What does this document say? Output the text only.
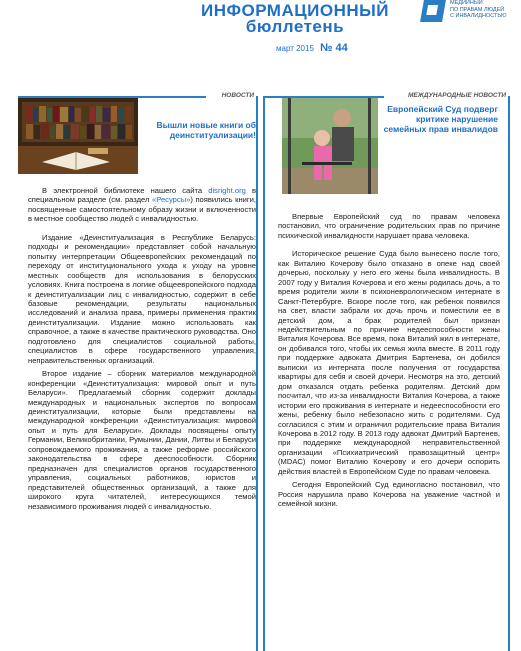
ИНФОРМАЦИОННЫЙ
бюллетень
март 2015 № 44
МЕДИЙНЫЙ
ПО ПРАВАМ ЛЮДЕЙ
С ИНВАЛИДНОСТЬЮ
НОВОСТИ	МЕЖДУНАРОДНЫЕ НОВОСТИ
Вышли новые книги об деинституализации!
Европейский Суд подверг критике нарушение семейных прав инвалидов

В электронной библиотеке нашего сайта disright.org в специальном разделе (см. раздел «Ресурсы») появились книги, посвященные самостоятельному образу жизни и включенности в местное сообщество людей с инвалидностью.

Издание «Деинституализация в Республике Беларусь: подходы и рекомендации» представляет собой начальную попытку интерпретации Общеевропейских рекомендаций по переходу от институционального ухода к уходу на уровне местных сообществ для использования в белорусских условиях. Книга построена в логике общеевропейского подхода к деинституализации лиц с инвалидностью, содержит в себе базовые рекомендации, результаты национальных исследований и анализа права, примеры применения практик деинституализации. Издание можно использовать как справочное, а также в качестве практического руководства. Оно подготовлено для специалистов социальной работы, специалистов в сфере государственного управления, неправительственных организаций.

Второе издание – сборник материалов международной конференции «Деинституализация: мировой опыт и путь Беларуси». Предлагаемый сборник содержит доклады международных и национальных экспертов по вопросам деинституализации, которые были представлены на международной конференции «Деинституализация: мировой опыт и путь для Беларуси». Доклады посвящены опыту Германии, Великобритании, Румынии, Дании, Литвы и Беларуси сопровождаемого проживания, а также реформе российского законодательства в сфере дееспособности. Сборник предназначен для специалистов органов государственного управления, социальных работников, юристов и представителей общественных организаций, а также для широкого круга читателей, интересующихся темой независимого проживания людей с инвалидностью.

Впервые Европейский суд по правам человека постановил, что ограничение родительских прав по причине психической инвалидности нарушает права человека.

Историческое решение Суда было вынесено после того, как Виталию Кочерову было отказано в опеке над своей дочерью, поскольку у него его жены была инвалидность. В 2007 году у Виталия Кочерова и его жены родилась дочь, а то время родители жили в психоневрологическом интернате в Санкт-Петербурге. Вскоре после того, как ребенок появился на свет, власти забрали их дочь прочь и поместили ее в детский дом, а брак родителей был признан недействительным по причине недееспособности жены Виталия Кочерова. Все время, пока Виталий жил в интернате, он добивался того, чтобы их семья жила вместе. В 2011 году при поддержке адвоката Дмитрия Бартенева, он добился выписки из интерната после получения от государства квартиры для себя и своей дочери. Несмотря на это, детский дом отказался отдать ребенка родителям. Детский дом посчитал, что из-за инвалидности Виталия Кочерова, а также истории его проживания в интернате и недееспособности его жены, ребенку было небезопасно жить с родителями. Суд согласился с этим и ограничил родительские права Виталия Кочерова в 2012 году. В 2013 году адвокат Дмитрий Бартенев, при поддержке международной неправительственной организации «Психиатрический правозащитный центр» (MDAC) помог Виталию Кочерову и его дочери оспорить действия властей в Европейском Суде по правам человека.

Сегодня Европейский Суд единогласно постановил, что Россия нарушила право Кочерова на уважение частной и семейной жизни.
